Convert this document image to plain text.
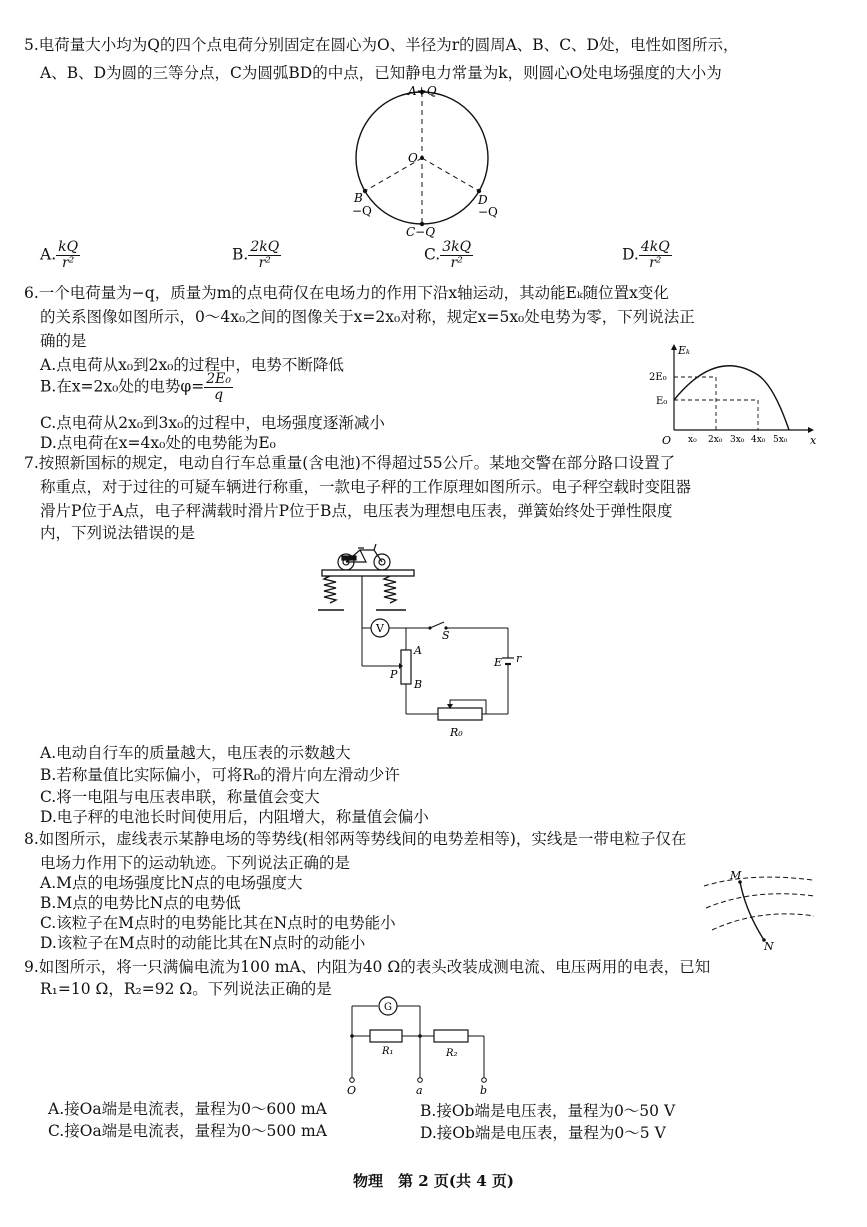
5.电荷量大小均为Q的四个点电荷分别固定在圆心为O、半径为r的圆周A、B、C、D处，电性如图所示，
A、B、D为圆的三等分点，C为圆弧BD的中点，已知静电力常量为k，则圆心O处电场强度的大小为
A+Q
O
B
−Q
C−Q
D
−Q
A. $\frac{kQ}{\text{r²}}$	B. $\frac{2kQ}{\text{r²}}$	C. $\frac{3kQ}{\text{r²}}$	D. $\frac{4kQ}{\text{r²}}$
6.一个电荷量为−q，质量为m的点电荷仅在电场力的作用下沿x轴运动，其动能Eₖ随位置x变化
的关系图像如图所示，0～4x₀之间的图像关于x=2x₀对称，规定x=5x₀处电势为零，下列说法正
确的是
A.点电荷从x₀到2x₀的过程中，电势不断降低
B.在x=2x₀处的电势$\varphi= \frac{\text{2E₀}}{q}$
C.点电荷从2x₀到3x₀的过程中，电场强度逐渐减小
D.点电荷在x=4x₀处的电势能为E₀
Eₖ
x
O
2E₀
E₀
x₀ 2x₀ 3x₀ 4x₀ 5x₀
7.按照新国标的规定，电动自行车总重量(含电池)不得超过55公斤。某地交警在部分路口设置了
称重点，对于过往的可疑车辆进行称重，一款电子秤的工作原理如图所示。电子秤空载时变阻器
滑片P位于A点，电子秤满载时滑片P位于B点，电压表为理想电压表，弹簧始终处于弹性限度
内，下列说法错误的是
V
S
E r
A
B
P
R₀
A.电动自行车的质量越大，电压表的示数越大
B.若称量值比实际偏小，可将R₀的滑片向左滑动少许
C.将一电阻与电压表串联，称量值会变大
D.电子秤的电池长时间使用后，内阻增大，称量值会偏小
8.如图所示，虚线表示某静电场的等势线(相邻两等势线间的电势差相等)，实线是一带电粒子仅在
电场力作用下的运动轨迹。下列说法正确的是
A.M点的电场强度比N点的电场强度大
B.M点的电势比N点的电势低
C.该粒子在M点时的电势能比其在N点时的电势能小
D.该粒子在M点时的动能比其在N点时的动能小
M
N
9.如图所示，将一只满偏电流为100 mA、内阻为40 Ω的表头改装成测电流、电压两用的电表，已知
R₁=10 Ω，R₂=92 Ω。下列说法正确的是
G
R₁	R₂
O	a	b
A.接Oa端是电流表，量程为0～600 mA	B.接Ob端是电压表，量程为0～50 V
C.接Oa端是电流表，量程为0～500 mA	D.接Ob端是电压表，量程为0～5 V
物理　第 2 页(共 4 页)
